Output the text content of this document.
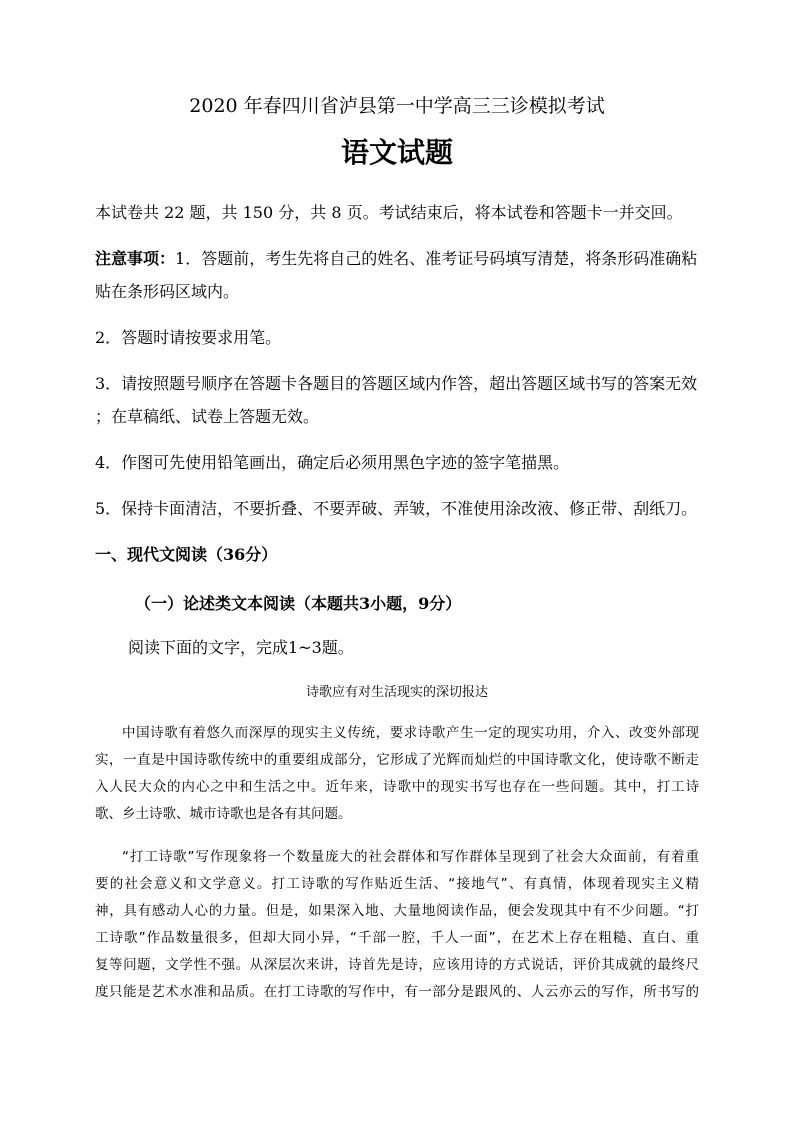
2020 年春四川省泸县第一中学高三三诊模拟考试
语文试题
本试卷共 22 题，共 150 分，共 8 页。考试结束后，将本试卷和答题卡一并交回。
注意事项：1．答题前，考生先将自己的姓名、准考证号码填写清楚，将条形码准确粘
贴在条形码区域内。
2．答题时请按要求用笔。
3．请按照题号顺序在答题卡各题目的答题区域内作答，超出答题区域书写的答案无效
；在草稿纸、试卷上答题无效。
4．作图可先使用铅笔画出，确定后必须用黑色字迹的签字笔描黑。
5．保持卡面清洁，不要折叠、不要弄破、弄皱，不准使用涂改液、修正带、刮纸刀。
一、现代文阅读（36分）
（一）论述类文本阅读（本题共3小题，9分）
阅读下面的文字，完成1~3题。
诗歌应有对生活现实的深切报达
中国诗歌有着悠久而深厚的现实主义传统，要求诗歌产生一定的现实功用，介入、改变外部现
实，一直是中国诗歌传统中的重要组成部分，它形成了光辉而灿烂的中国诗歌文化，使诗歌不断走
入人民大众的内心之中和生活之中。近年来，诗歌中的现实书写也存在一些问题。其中，打工诗
歌、乡土诗歌、城市诗歌也是各有其问题。
“打工诗歌”写作现象将一个数量庞大的社会群体和写作群体呈现到了社会大众面前，有着重
要的社会意义和文学意义。打工诗歌的写作贴近生活、“接地气”、有真情，体现着现实主义精
神，具有感动人心的力量。但是，如果深入地、大量地阅读作品，便会发现其中有不少问题。“打
工诗歌”作品数量很多，但却大同小异，“千部一腔，千人一面”，在艺术上存在粗糙、直白、重
复等问题，文学性不强。从深层次来讲，诗首先是诗，应该用诗的方式说话，评价其成就的最终尺
度只能是艺术水准和品质。在打工诗歌的写作中，有一部分是跟风的、人云亦云的写作，所书写的
